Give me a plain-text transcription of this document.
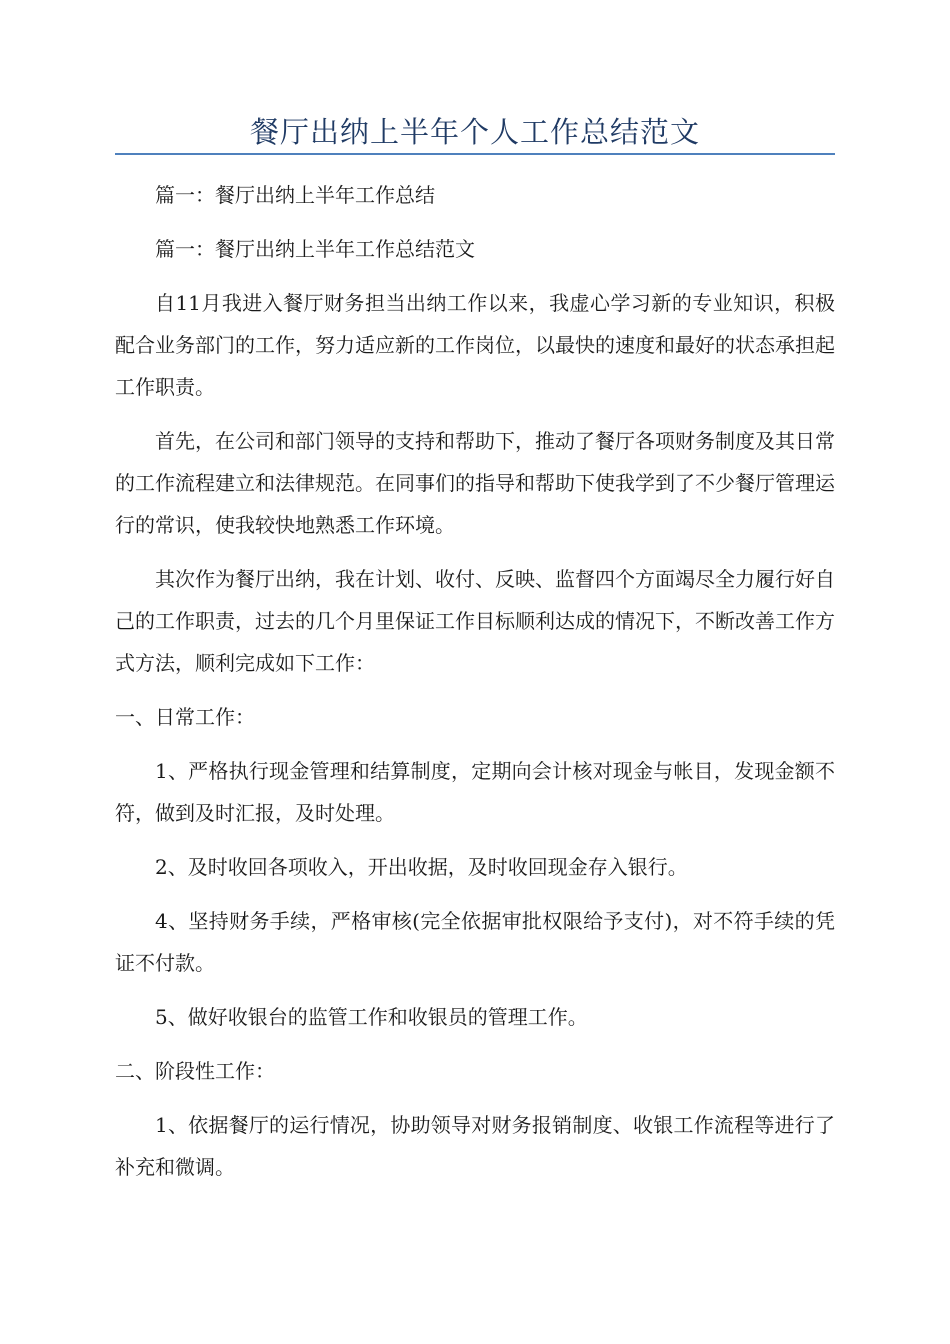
餐厅出纳上半年个人工作总结范文

篇一：餐厅出纳上半年工作总结

篇一：餐厅出纳上半年工作总结范文

自11月我进入餐厅财务担当出纳工作以来，我虚心学习新的专业知识，积极配合业务部门的工作，努力适应新的工作岗位，以最快的速度和最好的状态承担起工作职责。

首先，在公司和部门领导的支持和帮助下，推动了餐厅各项财务制度及其日常的工作流程建立和法律规范。在同事们的指导和帮助下使我学到了不少餐厅管理运行的常识，使我较快地熟悉工作环境。

其次作为餐厅出纳，我在计划、收付、反映、监督四个方面竭尽全力履行好自己的工作职责，过去的几个月里保证工作目标顺利达成的情况下，不断改善工作方式方法，顺利完成如下工作：

一、日常工作：

1、严格执行现金管理和结算制度，定期向会计核对现金与帐目，发现金额不符，做到及时汇报，及时处理。

2、及时收回各项收入，开出收据，及时收回现金存入银行。

4、坚持财务手续，严格审核(完全依据审批权限给予支付)，对不符手续的凭证不付款。

5、做好收银台的监管工作和收银员的管理工作。

二、阶段性工作：

1、依据餐厅的运行情况，协助领导对财务报销制度、收银工作流程等进行了补充和微调。
